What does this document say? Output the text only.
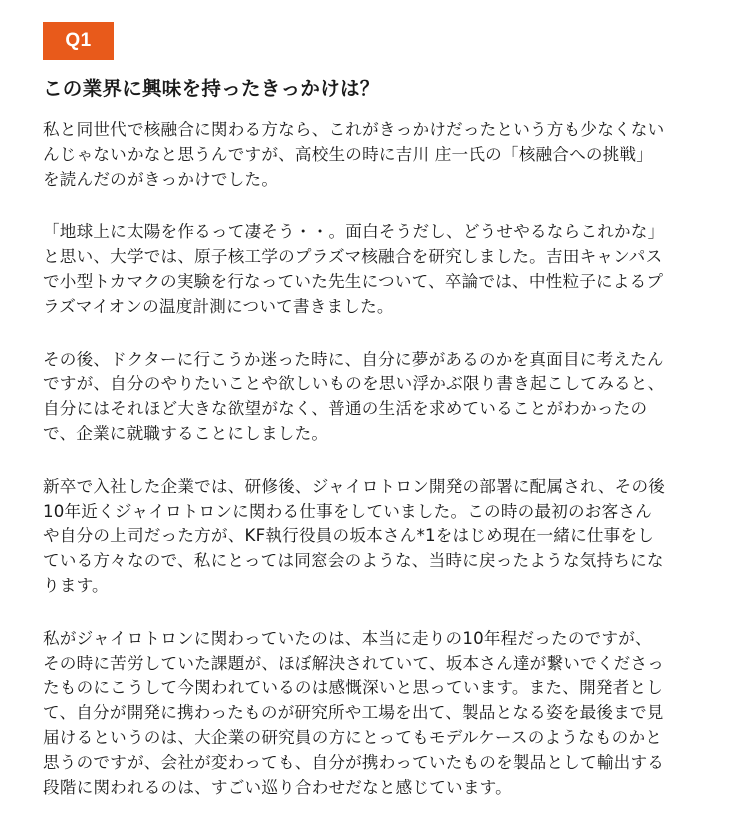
Q1
この業界に興味を持ったきっかけは？

私と同世代で核融合に関わる方なら、これがきっかけだったという方も少なくない
んじゃないかなと思うんですが、高校生の時に吉川 庄一氏の「核融合への挑戦」
を読んだのがきっかけでした。

「地球上に太陽を作るって凄そう・・。面白そうだし、どうせやるならこれかな」
と思い、大学では、原子核工学のプラズマ核融合を研究しました。吉田キャンパス
で小型トカマクの実験を行なっていた先生について、卒論では、中性粒子によるプ
ラズマイオンの温度計測について書きました。

その後、ドクターに行こうか迷った時に、自分に夢があるのかを真面目に考えたん
ですが、自分のやりたいことや欲しいものを思い浮かぶ限り書き起こしてみると、
自分にはそれほど大きな欲望がなく、普通の生活を求めていることがわかったの
で、企業に就職することにしました。

新卒で入社した企業では、研修後、ジャイロトロン開発の部署に配属され、その後
10年近くジャイロトロンに関わる仕事をしていました。この時の最初のお客さん
や自分の上司だった方が、KF執行役員の坂本さん*1をはじめ現在一緒に仕事をし
ている方々なので、私にとっては同窓会のような、当時に戻ったような気持ちにな
ります。

私がジャイロトロンに関わっていたのは、本当に走りの10年程だったのですが、
その時に苦労していた課題が、ほぼ解決されていて、坂本さん達が繋いでくださっ
たものにこうして今関われているのは感慨深いと思っています。また、開発者とし
て、自分が開発に携わったものが研究所や工場を出て、製品となる姿を最後まで見
届けるというのは、大企業の研究員の方にとってもモデルケースのようなものかと
思うのですが、会社が変わっても、自分が携わっていたものを製品として輸出する
段階に関われるのは、すごい巡り合わせだなと感じています。
